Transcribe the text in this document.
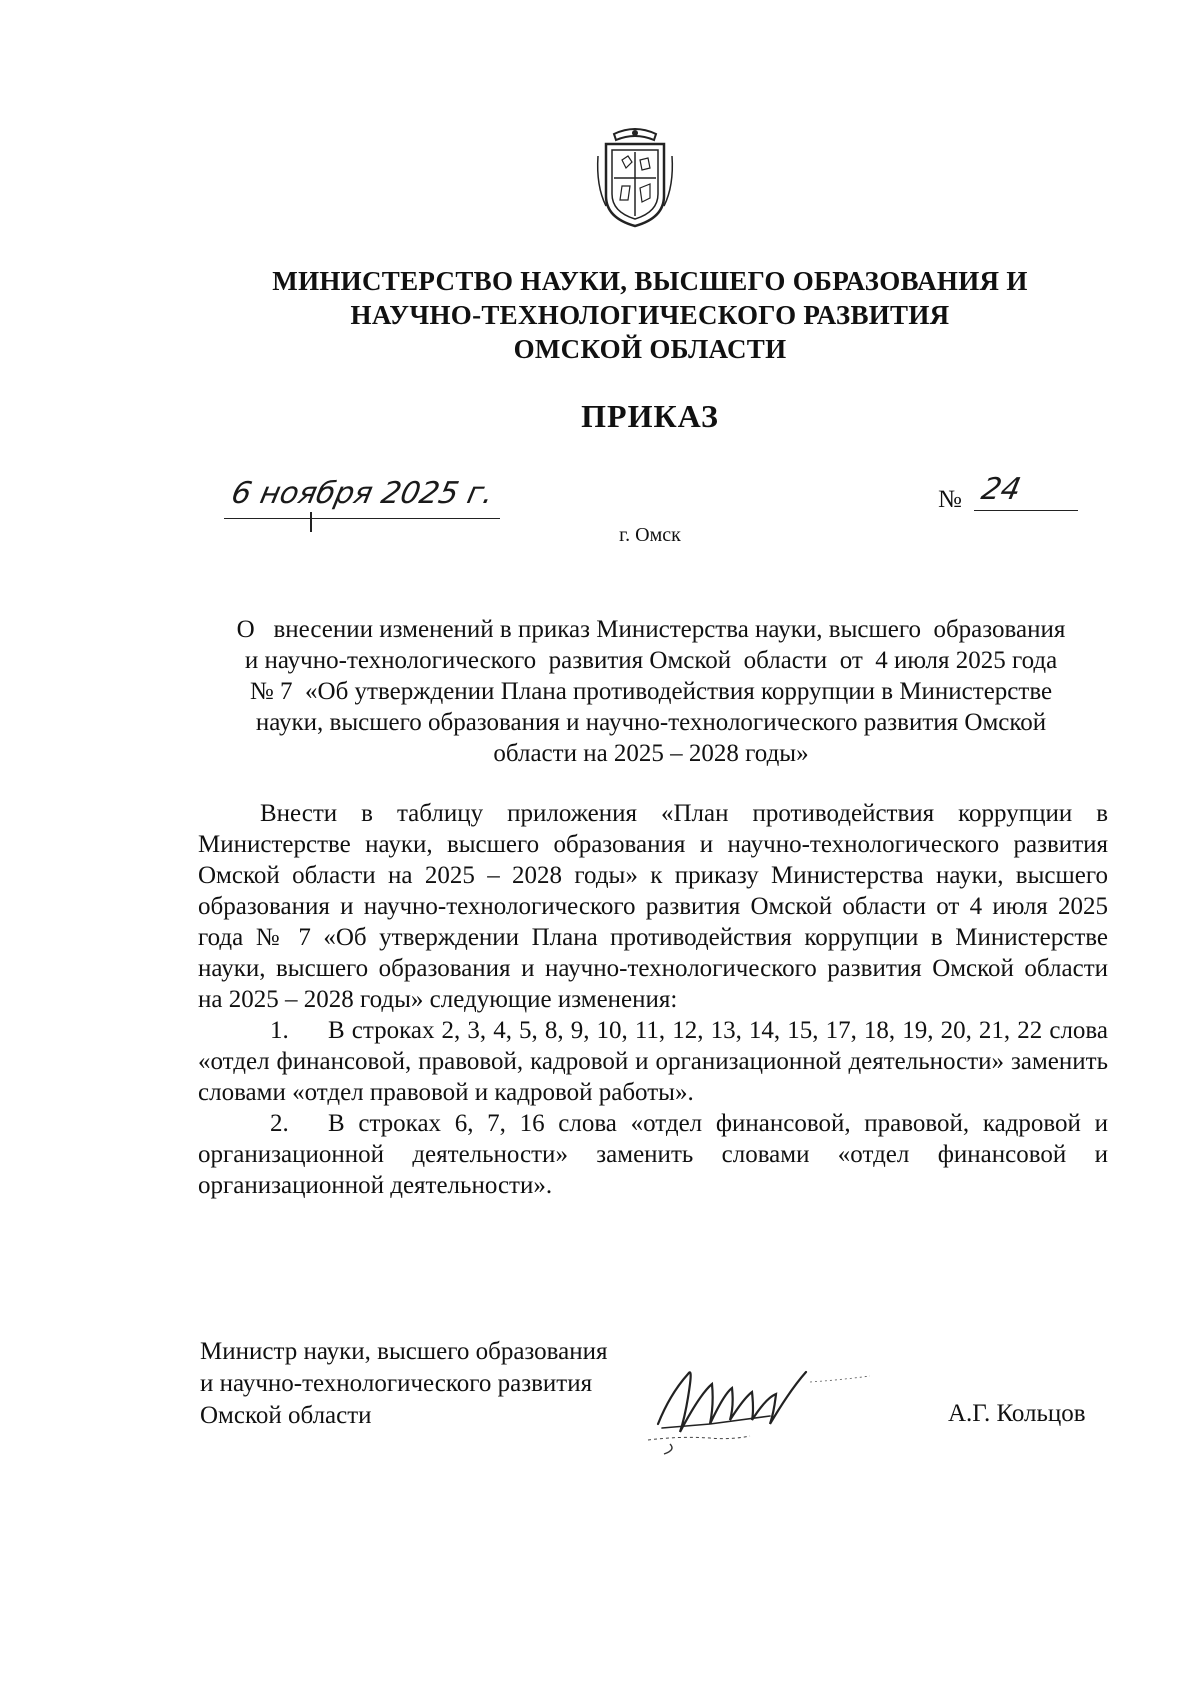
МИНИСТЕРСТВО НАУКИ, ВЫСШЕГО ОБРАЗОВАНИЯ И
НАУЧНО-ТЕХНОЛОГИЧЕСКОГО РАЗВИТИЯ
ОМСКОЙ ОБЛАСТИ
ПРИКАЗ
6 ноября 2025 г.	№ 24
г. Омск
О   внесении изменений в приказ Министерства науки, высшего  образования
и научно-технологического  развития Омской  области  от  4 июля 2025 года
№ 7  «Об утверждении Плана противодействия коррупции в Министерстве
науки, высшего образования и научно-технологического развития Омской
области на 2025 – 2028 годы»

Внести в таблицу приложения «План противодействия коррупции в Министерстве науки, высшего образования и научно-технологического развития Омской области на 2025 – 2028 годы» к приказу Министерства науки, высшего образования и научно-технологического развития Омской области от 4 июля 2025 года № 7 «Об утверждении Плана противодействия коррупции в Министерстве науки, высшего образования и научно-технологического развития Омской области на 2025 – 2028 годы» следующие изменения:

1. В строках 2, 3, 4, 5, 8, 9, 10, 11, 12, 13, 14, 15, 17, 18, 19, 20, 21, 22 слова «отдел финансовой, правовой, кадровой и организационной деятельности» заменить словами «отдел правовой и кадровой работы».

2. В строках 6, 7, 16 слова «отдел финансовой, правовой, кадровой и организационной деятельности» заменить словами «отдел финансовой и организационной деятельности».

Министр науки, высшего образования
и научно-технологического развития
Омской области	А.Г. Кольцов
